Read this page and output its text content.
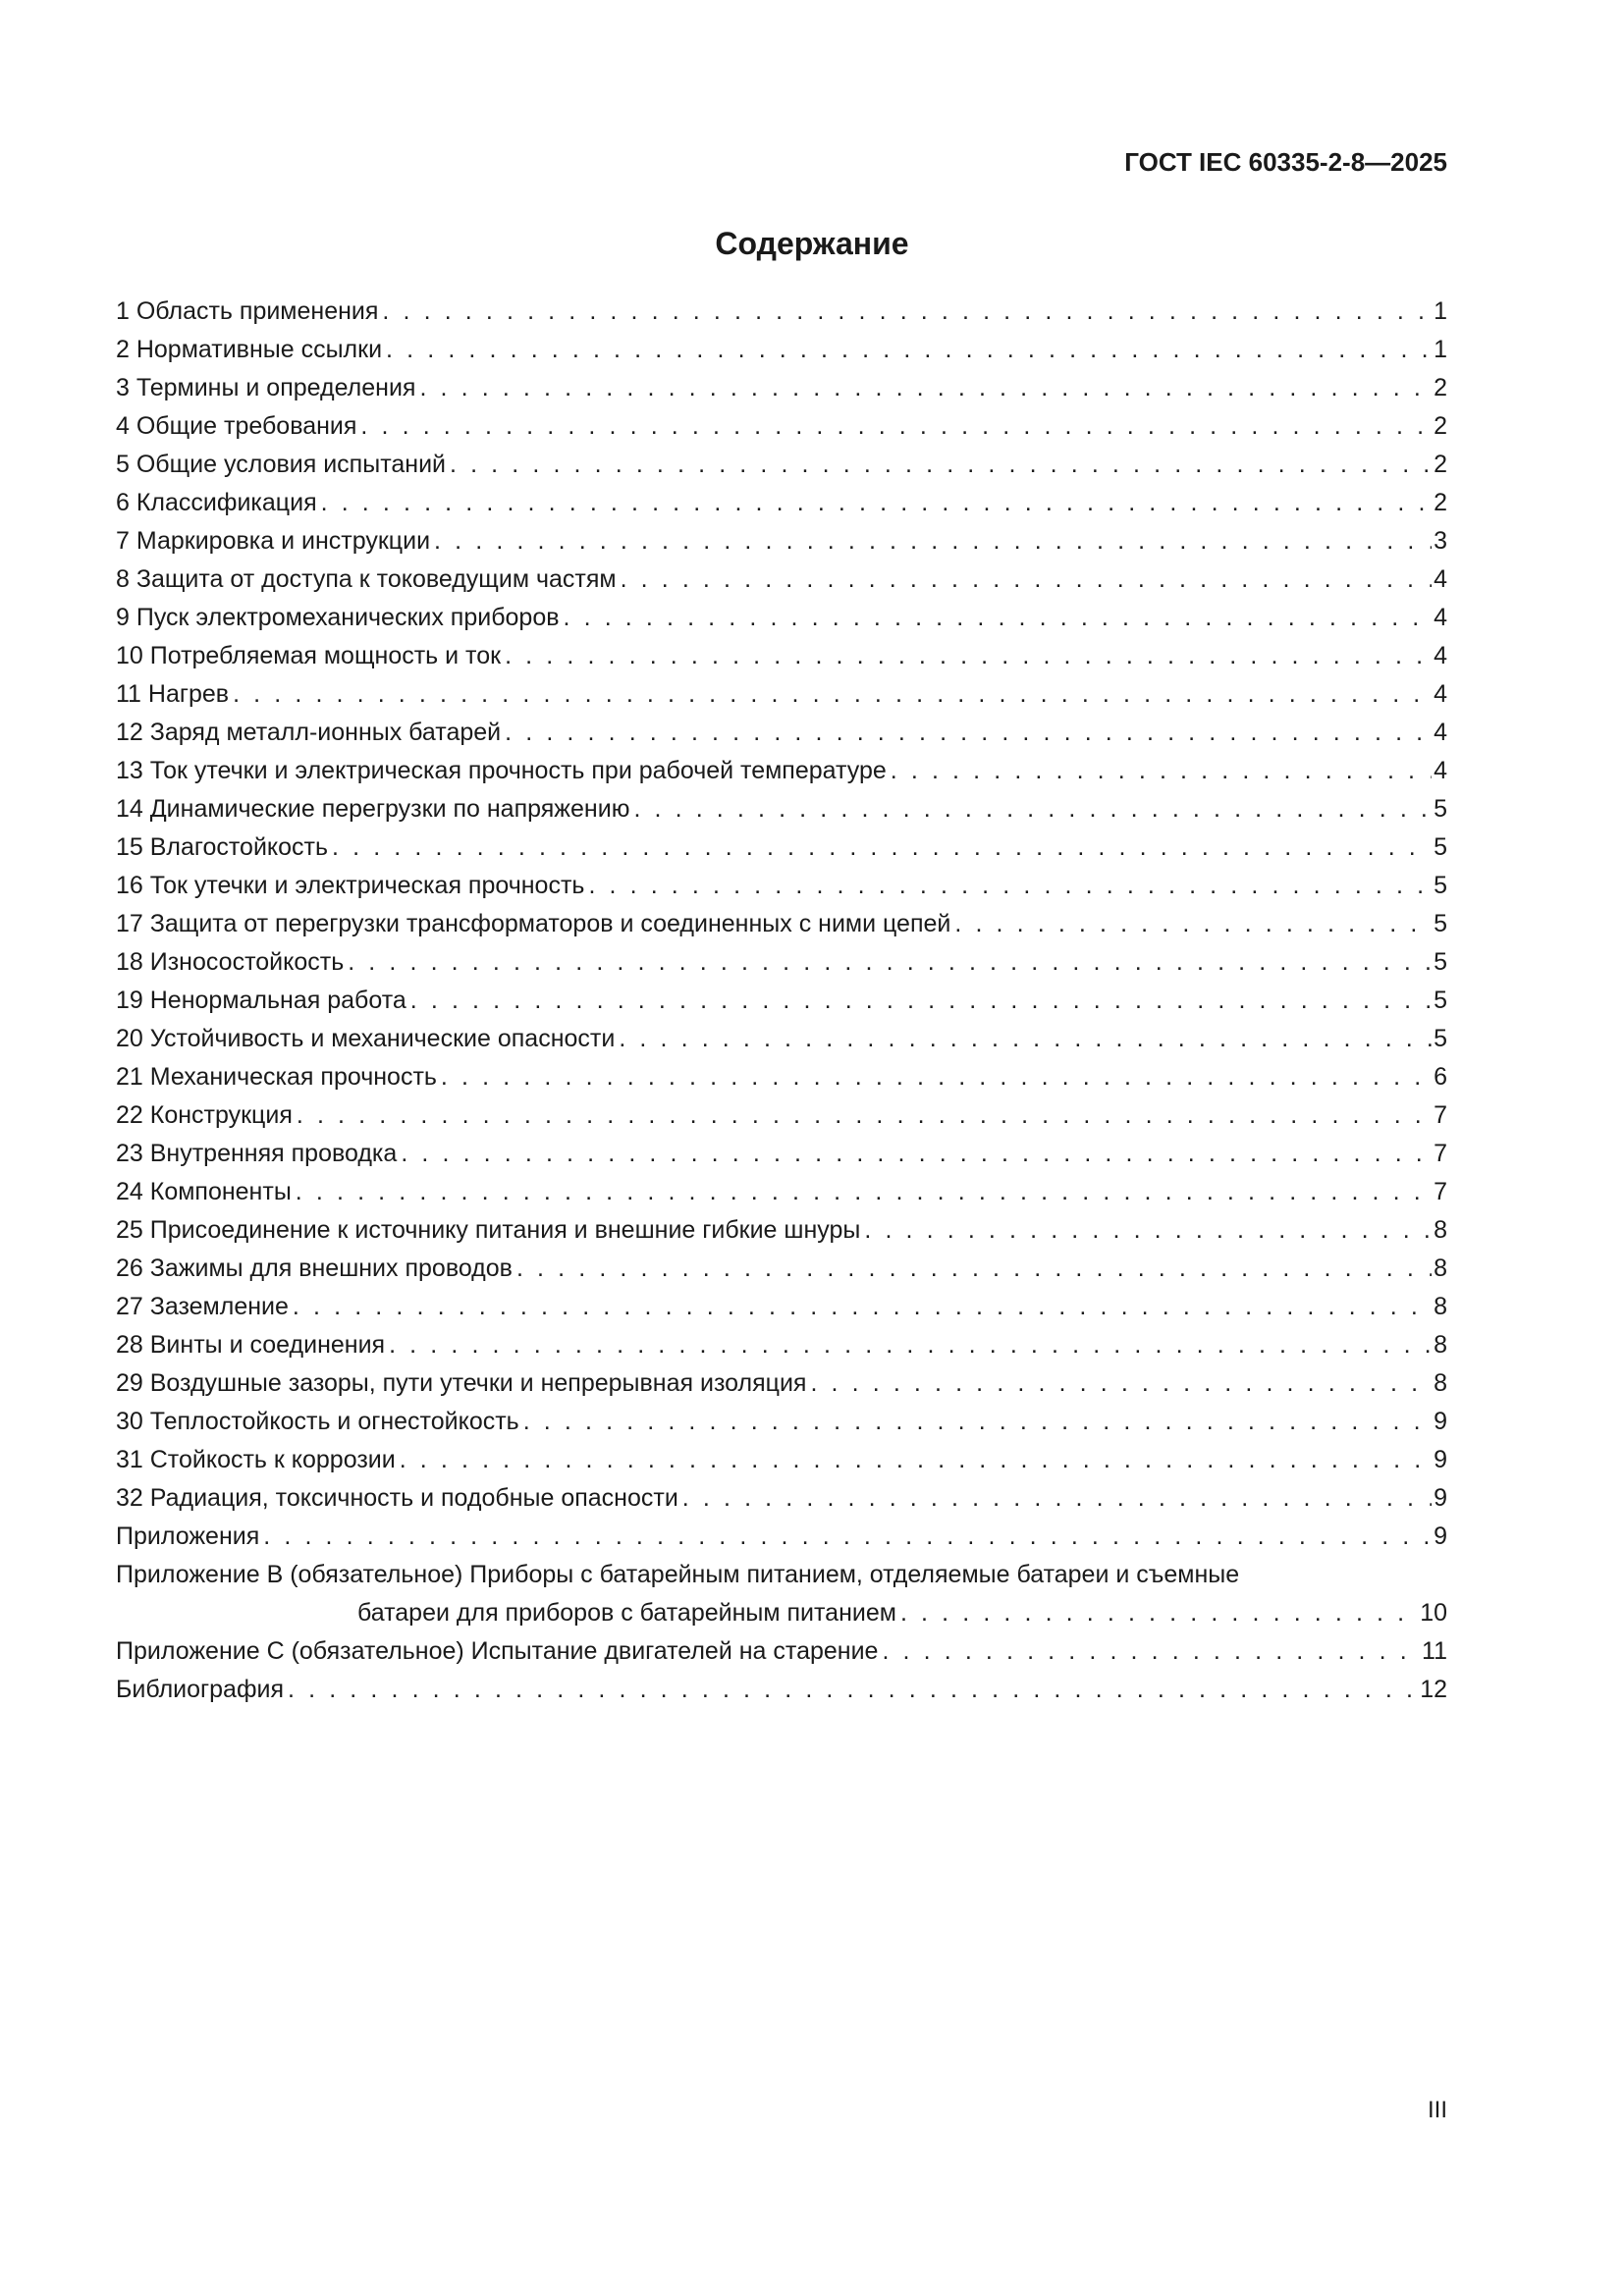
ГОСТ IEC 60335-2-8—2025
Содержание
1 Область применения . . .	1
2 Нормативные ссылки . . .	1
3 Термины и определения . . .	2
4 Общие требования . . .	2
5 Общие условия испытаний . . .	2
6 Классификация . . .	2
7 Маркировка и инструкции . . .	3
8 Защита от доступа к токоведущим частям . . .	4
9 Пуск электромеханических приборов . . .	4
10 Потребляемая мощность и ток . . .	4
11 Нагрев . . .	4
12 Заряд металл-ионных батарей . . .	4
13 Ток утечки и электрическая прочность при рабочей температуре . . .	4
14 Динамические перегрузки по напряжению . . .	5
15 Влагостойкость . . .	5
16 Ток утечки и электрическая прочность . . .	5
17 Защита от перегрузки трансформаторов и соединенных с ними цепей . . .	5
18 Износостойкость . . .	5
19 Ненормальная работа . . .	5
20 Устойчивость и механические опасности . . .	5
21 Механическая прочность . . .	6
22 Конструкция . . .	7
23 Внутренняя проводка . . .	7
24 Компоненты . . .	7
25 Присоединение к источнику питания и внешние гибкие шнуры . . .	8
26 Зажимы для внешних проводов . . .	8
27 Заземление . . .	8
28 Винты и соединения . . .	8
29 Воздушные зазоры, пути утечки и непрерывная изоляция . . .	8
30 Теплостойкость и огнестойкость . . .	9
31 Стойкость к коррозии . . .	9
32 Радиация, токсичность и подобные опасности . . .	9
Приложения . . .	9
Приложение В (обязательное) Приборы с батарейным питанием, отделяемые батареи и съемные
батареи для приборов с батарейным питанием . . .	10
Приложение С (обязательное) Испытание двигателей на старение . . .	11
Библиография . . .	12
III
